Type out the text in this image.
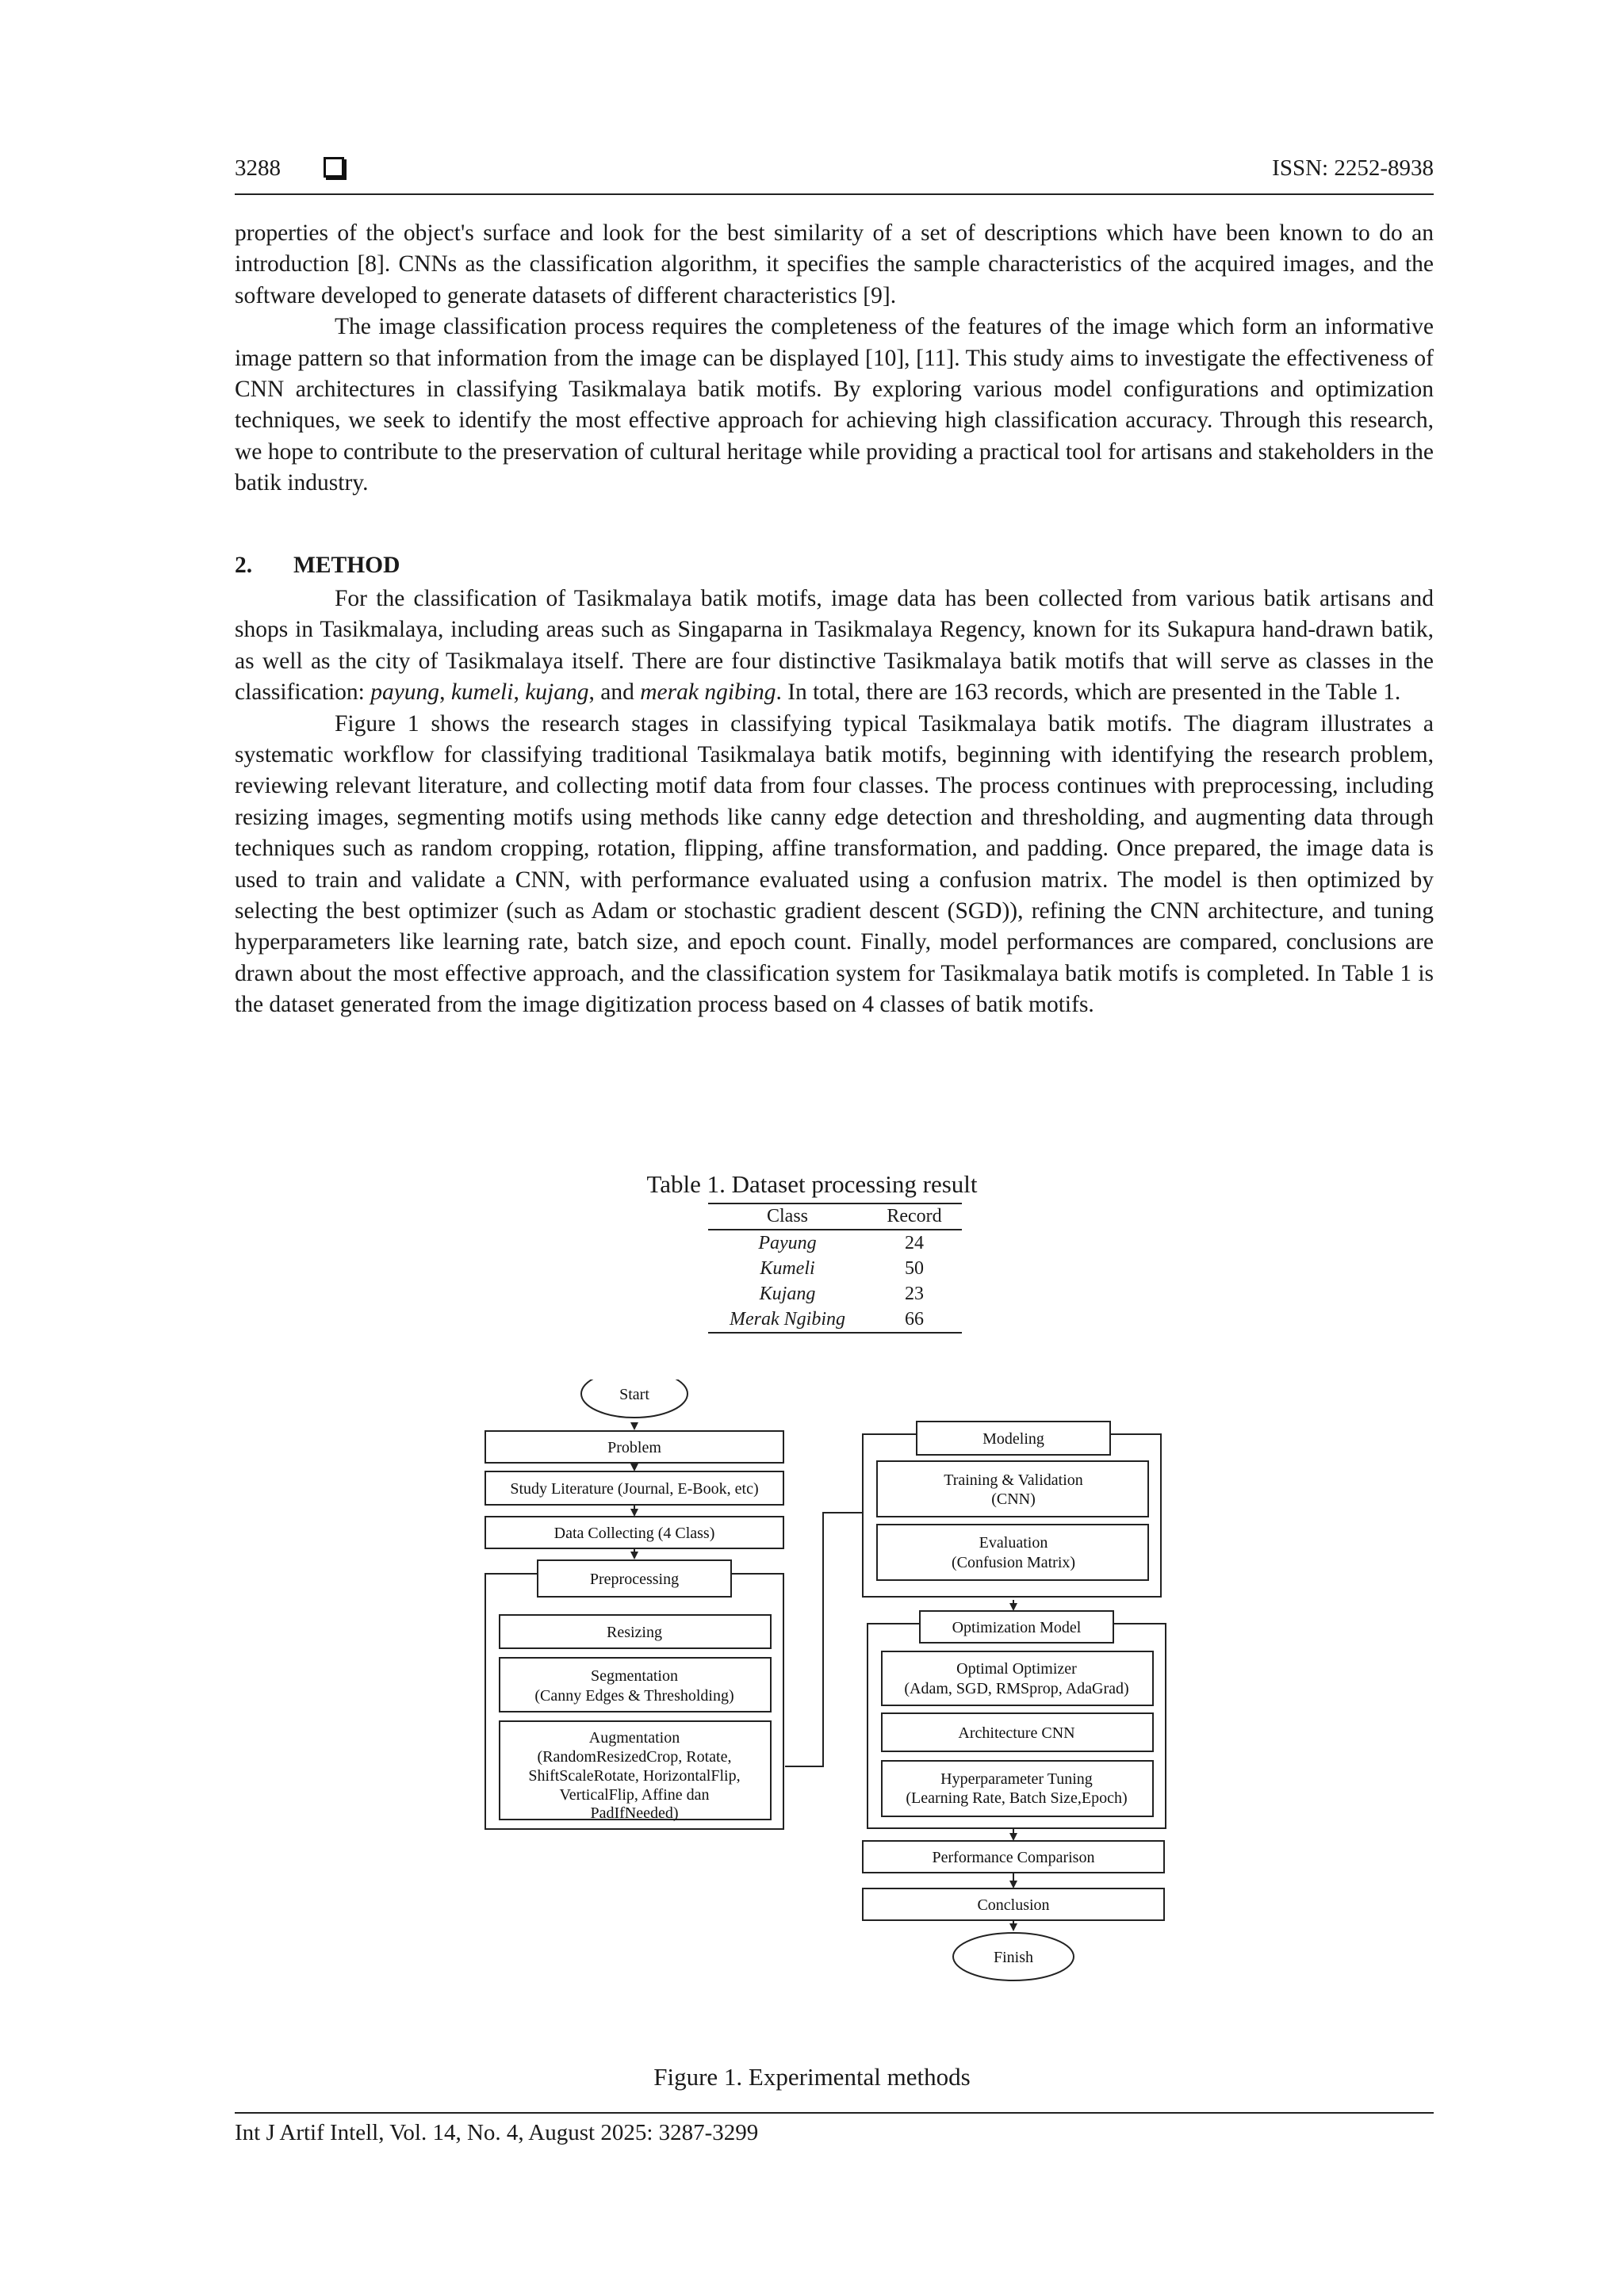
3288	ISSN: 2252-8938

properties of the object's surface and look for the best similarity of a set of descriptions which have been known to do an introduction [8]. CNNs as the classification algorithm, it specifies the sample characteristics of the acquired images, and the software developed to generate datasets of different characteristics [9].

The image classification process requires the completeness of the features of the image which form an informative image pattern so that information from the image can be displayed [10], [11]. This study aims to investigate the effectiveness of CNN architectures in classifying Tasikmalaya batik motifs. By exploring various model configurations and optimization techniques, we seek to identify the most effective approach for achieving high classification accuracy. Through this research, we hope to contribute to the preservation of cultural heritage while providing a practical tool for artisans and stakeholders in the batik industry.

2. METHOD

For the classification of Tasikmalaya batik motifs, image data has been collected from various batik artisans and shops in Tasikmalaya, including areas such as Singaparna in Tasikmalaya Regency, known for its Sukapura hand-drawn batik, as well as the city of Tasikmalaya itself. There are four distinctive Tasikmalaya batik motifs that will serve as classes in the classification: payung, kumeli, kujang, and merak ngibing. In total, there are 163 records, which are presented in the Table 1.

Figure 1 shows the research stages in classifying typical Tasikmalaya batik motifs. The diagram illustrates a systematic workflow for classifying traditional Tasikmalaya batik motifs, beginning with identifying the research problem, reviewing relevant literature, and collecting motif data from four classes. The process continues with preprocessing, including resizing images, segmenting motifs using methods like canny edge detection and thresholding, and augmenting data through techniques such as random cropping, rotation, flipping, affine transformation, and padding. Once prepared, the image data is used to train and validate a CNN, with performance evaluated using a confusion matrix. The model is then optimized by selecting the best optimizer (such as Adam or stochastic gradient descent (SGD)), refining the CNN architecture, and tuning hyperparameters like learning rate, batch size, and epoch count. Finally, model performances are compared, conclusions are drawn about the most effective approach, and the classification system for Tasikmalaya batik motifs is completed. In Table 1 is the dataset generated from the image digitization process based on 4 classes of batik motifs.

Table 1. Dataset processing result
Class	Record
Payung	24
Kumeli	50
Kujang	23
Merak Ngibing	66
Start
Problem
Study Literature (Journal, E-Book, etc)
Data Collecting (4 Class)
Preprocessing
Resizing
Segmentation
(Canny Edges & Thresholding)
Augmentation
(RandomResizedCrop, Rotate,
ShiftScaleRotate, HorizontalFlip,
VerticalFlip, Affine dan
PadIfNeeded)
Modeling
Training & Validation
(CNN)
Evaluation
(Confusion Matrix)
Optimization Model
Optimal Optimizer
(Adam, SGD, RMSprop, AdaGrad)
Architecture CNN
Hyperparameter Tuning
(Learning Rate, Batch Size,Epoch)
Performance Comparison
Conclusion
Finish
Figure 1. Experimental methods
Int J Artif Intell, Vol. 14, No. 4, August 2025: 3287-3299
